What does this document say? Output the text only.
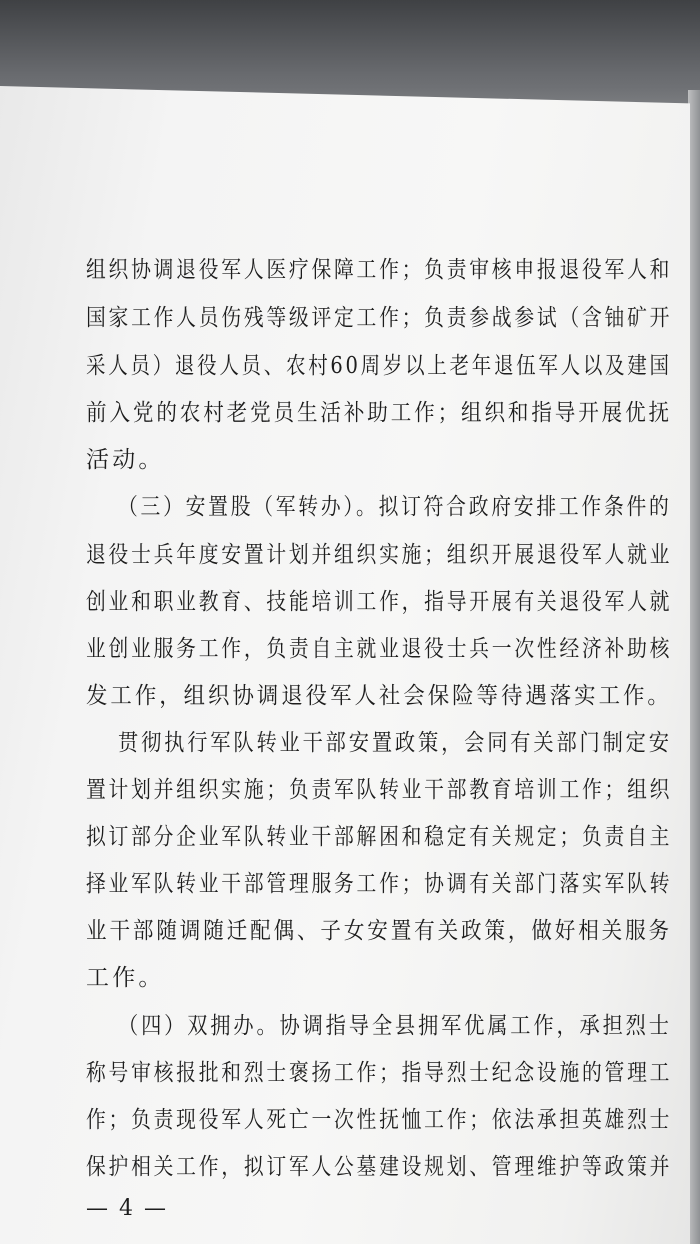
组织协调退役军人医疗保障工作；负责审核申报退役军人和
国家工作人员伤残等级评定工作；负责参战参试（含铀矿开
采人员）退役人员、农村60周岁以上老年退伍军人以及建国
前入党的农村老党员生活补助工作；组织和指导开展优抚
活动。
（三）安置股（军转办）。拟订符合政府安排工作条件的
退役士兵年度安置计划并组织实施；组织开展退役军人就业
创业和职业教育、技能培训工作，指导开展有关退役军人就
业创业服务工作，负责自主就业退役士兵一次性经济补助核
发工作，组织协调退役军人社会保险等待遇落实工作。
贯彻执行军队转业干部安置政策，会同有关部门制定安
置计划并组织实施；负责军队转业干部教育培训工作；组织
拟订部分企业军队转业干部解困和稳定有关规定；负责自主
择业军队转业干部管理服务工作；协调有关部门落实军队转
业干部随调随迁配偶、子女安置有关政策，做好相关服务
工作。
（四）双拥办。协调指导全县拥军优属工作，承担烈士
称号审核报批和烈士褒扬工作；指导烈士纪念设施的管理工
作；负责现役军人死亡一次性抚恤工作；依法承担英雄烈士
保护相关工作，拟订军人公墓建设规划、管理维护等政策并
— 4 —
